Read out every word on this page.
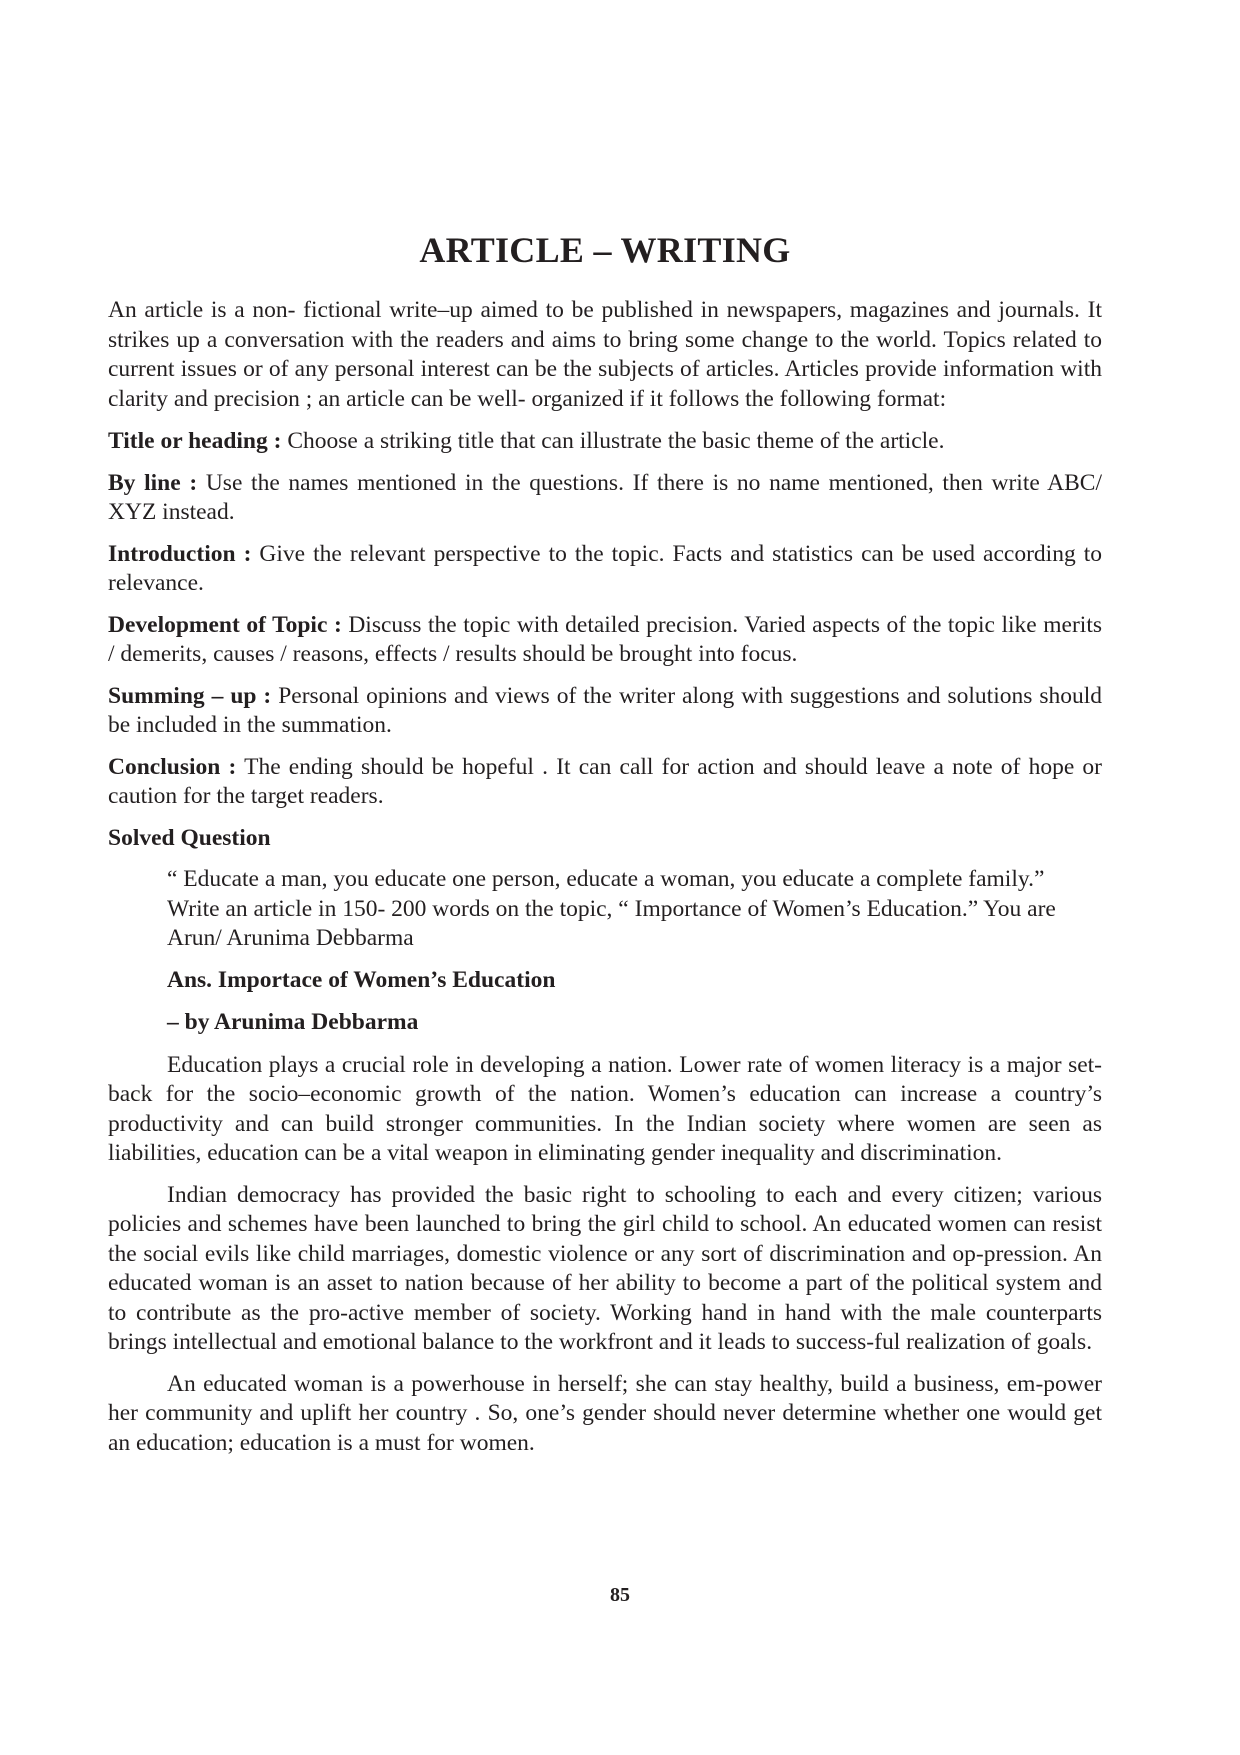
ARTICLE – WRITING

An article is a non- fictional write–up aimed to be published in newspapers, magazines and journals. It strikes up a conversation with the readers and aims to bring some change to the world. Topics related to current issues or of any personal interest can be the subjects of articles. Articles provide information with clarity and precision ; an article can be well- organized if it follows the following format:

Title or heading : Choose a striking title that can illustrate the basic theme of the article.

By line : Use the names mentioned in the questions. If there is no name mentioned, then write ABC/ XYZ instead.

Introduction : Give the relevant perspective to the topic. Facts and statistics can be used according to relevance.

Development of Topic : Discuss the topic with detailed precision. Varied aspects of the topic like merits / demerits, causes / reasons, effects / results should be brought into focus.

Summing – up : Personal opinions and views of the writer along with suggestions and solutions should be included in the summation.

Conclusion : The ending should be hopeful . It can call for action and should leave a note of hope or caution for the target readers.

Solved Question

“ Educate a man, you educate one person, educate a woman, you educate a complete family.” Write an article in 150- 200 words on the topic, “ Importance of Women’s Education.” You are Arun/ Arunima Debbarma

Ans. Importace of Women’s Education

– by Arunima Debbarma

Education plays a crucial role in developing a nation. Lower rate of women literacy is a major set- back for the socio–economic growth of the nation. Women’s education can increase a country’s productivity and can build stronger communities. In the Indian society where women are seen as liabilities, education can be a vital weapon in eliminating gender inequality and discrimination.

Indian democracy has provided the basic right to schooling to each and every citizen; various policies and schemes have been launched to bring the girl child to school. An educated women can resist the social evils like child marriages, domestic violence or any sort of discrimination and op-pression. An educated woman is an asset to nation because of her ability to become a part of the political system and to contribute as the pro-active member of society. Working hand in hand with the male counterparts brings intellectual and emotional balance to the workfront and it leads to success-ful realization of goals.

An educated woman is a powerhouse in herself; she can stay healthy, build a business, em-power her community and uplift her country . So, one’s gender should never determine whether one would get an education; education is a must for women.

85
